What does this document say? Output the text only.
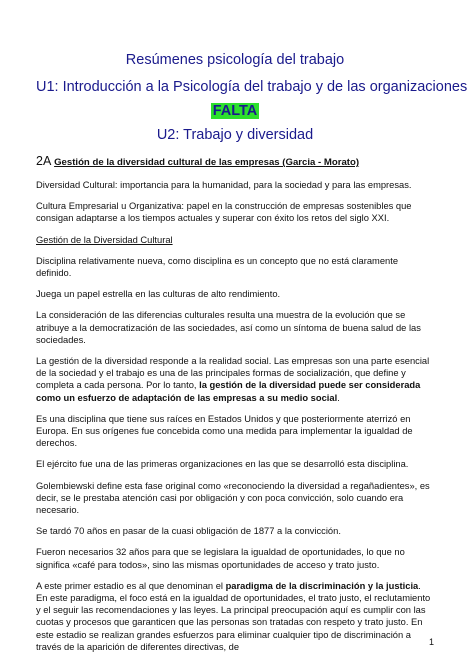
Resúmenes psicología del trabajo
U1: Introducción a la Psicología del trabajo y de las organizaciones
FALTA
U2: Trabajo y diversidad
2A Gestión de la diversidad cultural de las empresas (Garcia - Morato)

Diversidad Cultural: importancia para la humanidad, para la sociedad y para las empresas.

Cultura Empresarial u Organizativa: papel en la construcción de empresas sostenibles que consigan adaptarse a los tiempos actuales y superar con éxito los retos del siglo XXI.

Gestión de la Diversidad Cultural

Disciplina relativamente nueva, como disciplina es un concepto que no está claramente definido.

Juega un papel estrella en las culturas de alto rendimiento.

La consideración de las diferencias culturales resulta una muestra de la evolución que se atribuye a la democratización de las sociedades, así como un síntoma de buena salud de las sociedades.

La gestión de la diversidad responde a la realidad social. Las empresas son una parte esencial de la sociedad y el trabajo es una de las principales formas de socialización, que define y completa a cada persona. Por lo tanto, la gestión de la diversidad puede ser considerada como un esfuerzo de adaptación de las empresas a su medio social.

Es una disciplina que tiene sus raíces en Estados Unidos y que posteriormente aterrizó en Europa. En sus orígenes fue concebida como una medida para implementar la igualdad de derechos.

El ejército fue una de las primeras organizaciones en las que se desarrolló esta disciplina.

Golembiewski define esta fase original como «reconociendo la diversidad a regañadientes», es decir, se le prestaba atención casi por obligación y con poca convicción, solo cuando era necesario.

Se tardó 70 años en pasar de la cuasi obligación de 1877 a la convicción.

Fueron necesarios 32 años para que se legislara la igualdad de oportunidades, lo que no significa «café para todos», sino las mismas oportunidades de acceso y trato justo.

A este primer estadio es al que denominan el paradigma de la discriminación y la justicia. En este paradigma, el foco está en la igualdad de oportunidades, el trato justo, el reclutamiento y el seguir las recomendaciones y las leyes. La principal preocupación aquí es cumplir con las cuotas y procesos que garanticen que las personas son tratadas con respeto y trato justo. En este estadio se realizan grandes esfuerzos para eliminar cualquier tipo de discriminación a través de la aparición de diferentes directivas, de	1
